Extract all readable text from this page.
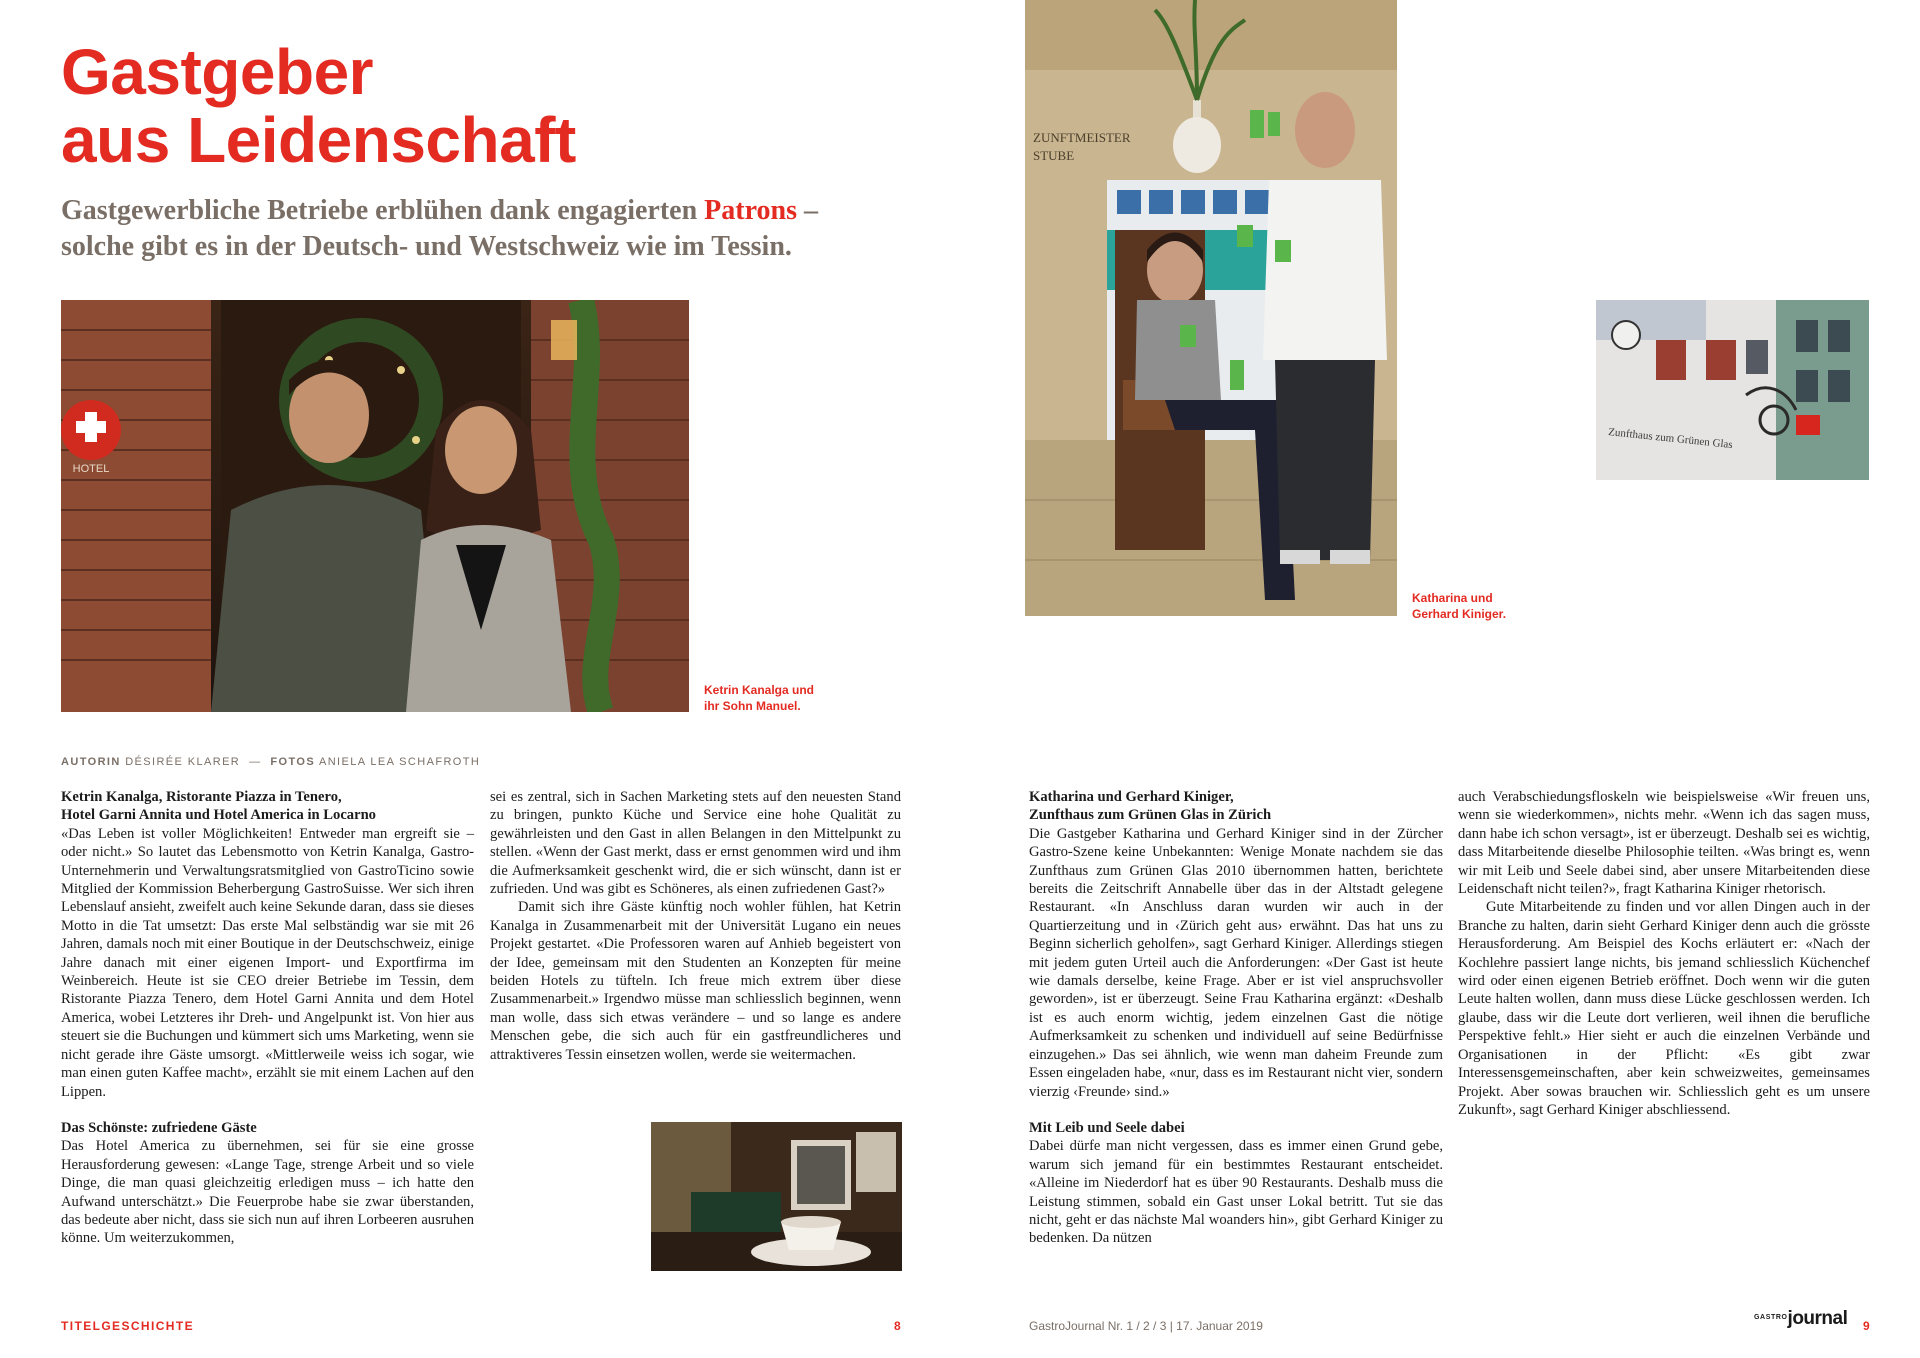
Gastgeber
aus Leidenschaft
Gastgewerbliche Betriebe erblühen dank engagierten Patrons –
solche gibt es in der Deutsch- und Westschweiz wie im Tessin.
HOTEL
Ketrin Kanalga und
ihr Sohn Manuel.
AUTORIN DÉSIRÉE KLARER — FOTOS ANIELA LEA SCHAFROTH
Ketrin Kanalga, Ristorante Piazza in Tenero,
Hotel Garni Annita und Hotel America in Locarno

«Das Leben ist voller Möglichkeiten! Entweder man ergreift sie – oder nicht.» So lautet das Lebensmotto von Ketrin Kanalga, Gastro-Unternehmerin und Verwaltungsratsmitglied von GastroTicino sowie Mitglied der Kommission Beherbergung GastroSuisse. Wer sich ihren Lebenslauf ansieht, zweifelt auch keine Sekunde daran, dass sie dieses Motto in die Tat umsetzt: Das erste Mal selbständig war sie mit 26 Jahren, damals noch mit einer Boutique in der Deutschschweiz, einige Jahre danach mit einer eigenen Import- und Exportfirma im Weinbereich. Heute ist sie CEO dreier Betriebe im Tessin, dem Ristorante Piazza Tenero, dem Hotel Garni Annita und dem Hotel America, wobei Letzteres ihr Dreh- und Angelpunkt ist. Von hier aus steuert sie die Buchungen und kümmert sich ums Marketing, wenn sie nicht gerade ihre Gäste umsorgt. «Mittlerweile weiss ich sogar, wie man einen guten Kaffee macht», erzählt sie mit einem Lachen auf den Lippen.

Das Schönste: zufriedene Gäste

Das Hotel America zu übernehmen, sei für sie eine grosse Herausforderung gewesen: «Lange Tage, strenge Arbeit und so viele Dinge, die man quasi gleichzeitig erledigen muss – ich hatte den Aufwand unterschätzt.» Die Feuerprobe habe sie zwar überstanden, das bedeute aber nicht, dass sie sich nun auf ihren Lorbeeren ausruhen könne. Um weiterzukommen,

sei es zentral, sich in Sachen Marketing stets auf den neuesten Stand zu bringen, punkto Küche und Service eine hohe Qualität zu gewährleisten und den Gast in allen Belangen in den Mittelpunkt zu stellen. «Wenn der Gast merkt, dass er ernst genommen wird und ihm die Aufmerksamkeit geschenkt wird, die er sich wünscht, dann ist er zufrieden. Und was gibt es Schöneres, als einen zufriedenen Gast?»

Damit sich ihre Gäste künftig noch wohler fühlen, hat Ketrin Kanalga in Zusammenarbeit mit der Universität Lugano ein neues Projekt gestartet. «Die Professoren waren auf Anhieb begeistert von der Idee, gemeinsam mit den Studenten an Konzepten für meine beiden Hotels zu tüfteln. Ich freue mich extrem über diese Zusammenarbeit.» Irgendwo müsse man schliesslich beginnen, wenn man wolle, dass sich etwas verändere – und so lange es andere Menschen gebe, die sich auch für ein gastfreundlicheres und attraktiveres Tessin einsetzen wollen, werde sie weitermachen.

TITELGESCHICHTE	8
ZUNFTMEISTER
STUBE
Katharina und
Gerhard Kiniger.
Zunfthaus zum Grünen Glas
Katharina und Gerhard Kiniger,
Zunfthaus zum Grünen Glas in Zürich

Die Gastgeber Katharina und Gerhard Kiniger sind in der Zürcher Gastro-Szene keine Unbekannten: Wenige Monate nachdem sie das Zunfthaus zum Grünen Glas 2010 übernommen hatten, berichtete bereits die Zeitschrift Annabelle über das in der Altstadt gelegene Restaurant. «In Anschluss daran wurden wir auch in der Quartierzeitung und in ‹Zürich geht aus› erwähnt. Das hat uns zu Beginn sicherlich geholfen», sagt Gerhard Kiniger. Allerdings stiegen mit jedem guten Urteil auch die Anforderungen: «Der Gast ist heute wie damals derselbe, keine Frage. Aber er ist viel anspruchsvoller geworden», ist er überzeugt. Seine Frau Katharina ergänzt: «Deshalb ist es auch enorm wichtig, jedem einzelnen Gast die nötige Aufmerksamkeit zu schenken und individuell auf seine Bedürfnisse einzugehen.» Das sei ähnlich, wie wenn man daheim Freunde zum Essen eingeladen habe, «nur, dass es im Restaurant nicht vier, sondern vierzig ‹Freunde› sind.»

Mit Leib und Seele dabei

Dabei dürfe man nicht vergessen, dass es immer einen Grund gebe, warum sich jemand für ein bestimmtes Restaurant entscheidet. «Alleine im Niederdorf hat es über 90 Restaurants. Deshalb muss die Leistung stimmen, sobald ein Gast unser Lokal betritt. Tut sie das nicht, geht er das nächste Mal woanders hin», gibt Gerhard Kiniger zu bedenken. Da nützen

auch Verabschiedungsfloskeln wie beispielsweise «Wir freuen uns, wenn sie wiederkommen», nichts mehr. «Wenn ich das sagen muss, dann habe ich schon versagt», ist er überzeugt. Deshalb sei es wichtig, dass Mitarbeitende dieselbe Philosophie teilten. «Was bringt es, wenn wir mit Leib und Seele dabei sind, aber unsere Mitarbeitenden diese Leidenschaft nicht teilen?», fragt Katharina Kiniger rhetorisch.

Gute Mitarbeitende zu finden und vor allen Dingen auch in der Branche zu halten, darin sieht Gerhard Kiniger denn auch die grösste Herausforderung. Am Beispiel des Kochs erläutert er: «Nach der Kochlehre passiert lange nichts, bis jemand schliesslich Küchenchef wird oder einen eigenen Betrieb eröffnet. Doch wenn wir die guten Leute halten wollen, dann muss diese Lücke geschlossen werden. Ich glaube, dass wir die Leute dort verlieren, weil ihnen die berufliche Perspektive fehlt.» Hier sieht er auch die einzelnen Verbände und Organisationen in der Pflicht: «Es gibt zwar Interessensgemeinschaften, aber kein schweizweites, gemeinsames Projekt. Aber sowas brauchen wir. Schliesslich geht es um unsere Zukunft», sagt Gerhard Kiniger abschliessend.

GastroJournal Nr. 1 / 2 / 3 | 17. Januar 2019
$^{GASTRO}$journal 9
